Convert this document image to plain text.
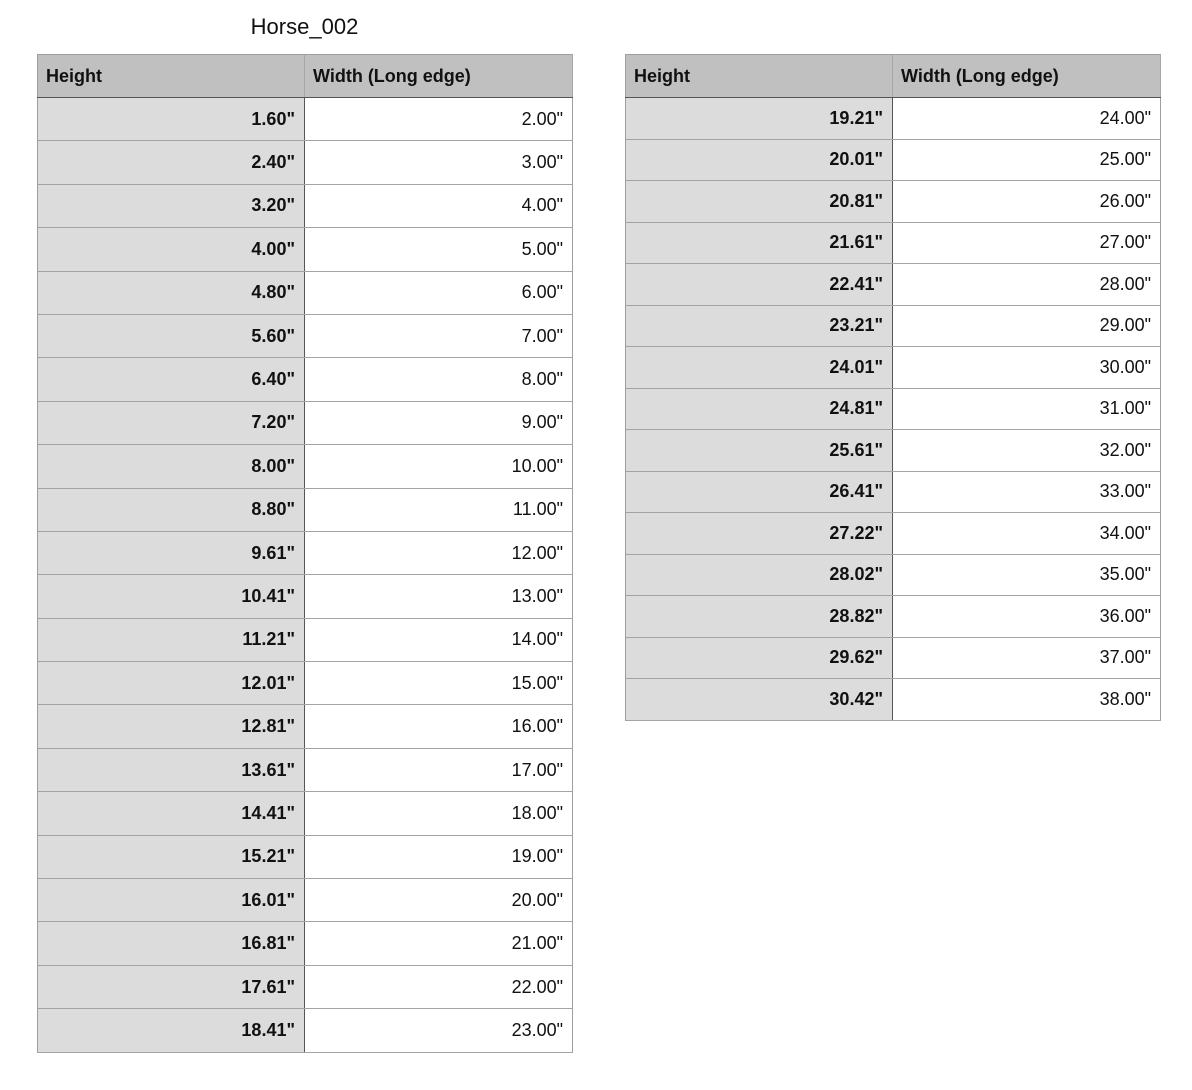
Horse_002
Height	Width (Long edge)
1.60"	2.00"
2.40"	3.00"
3.20"	4.00"
4.00"	5.00"
4.80"	6.00"
5.60"	7.00"
6.40"	8.00"
7.20"	9.00"
8.00"	10.00"
8.80"	11.00"
9.61"	12.00"
10.41"	13.00"
11.21"	14.00"
12.01"	15.00"
12.81"	16.00"
13.61"	17.00"
14.41"	18.00"
15.21"	19.00"
16.01"	20.00"
16.81"	21.00"
17.61"	22.00"
18.41"	23.00"
Height	Width (Long edge)
19.21"	24.00"
20.01"	25.00"
20.81"	26.00"
21.61"	27.00"
22.41"	28.00"
23.21"	29.00"
24.01"	30.00"
24.81"	31.00"
25.61"	32.00"
26.41"	33.00"
27.22"	34.00"
28.02"	35.00"
28.82"	36.00"
29.62"	37.00"
30.42"	38.00"
